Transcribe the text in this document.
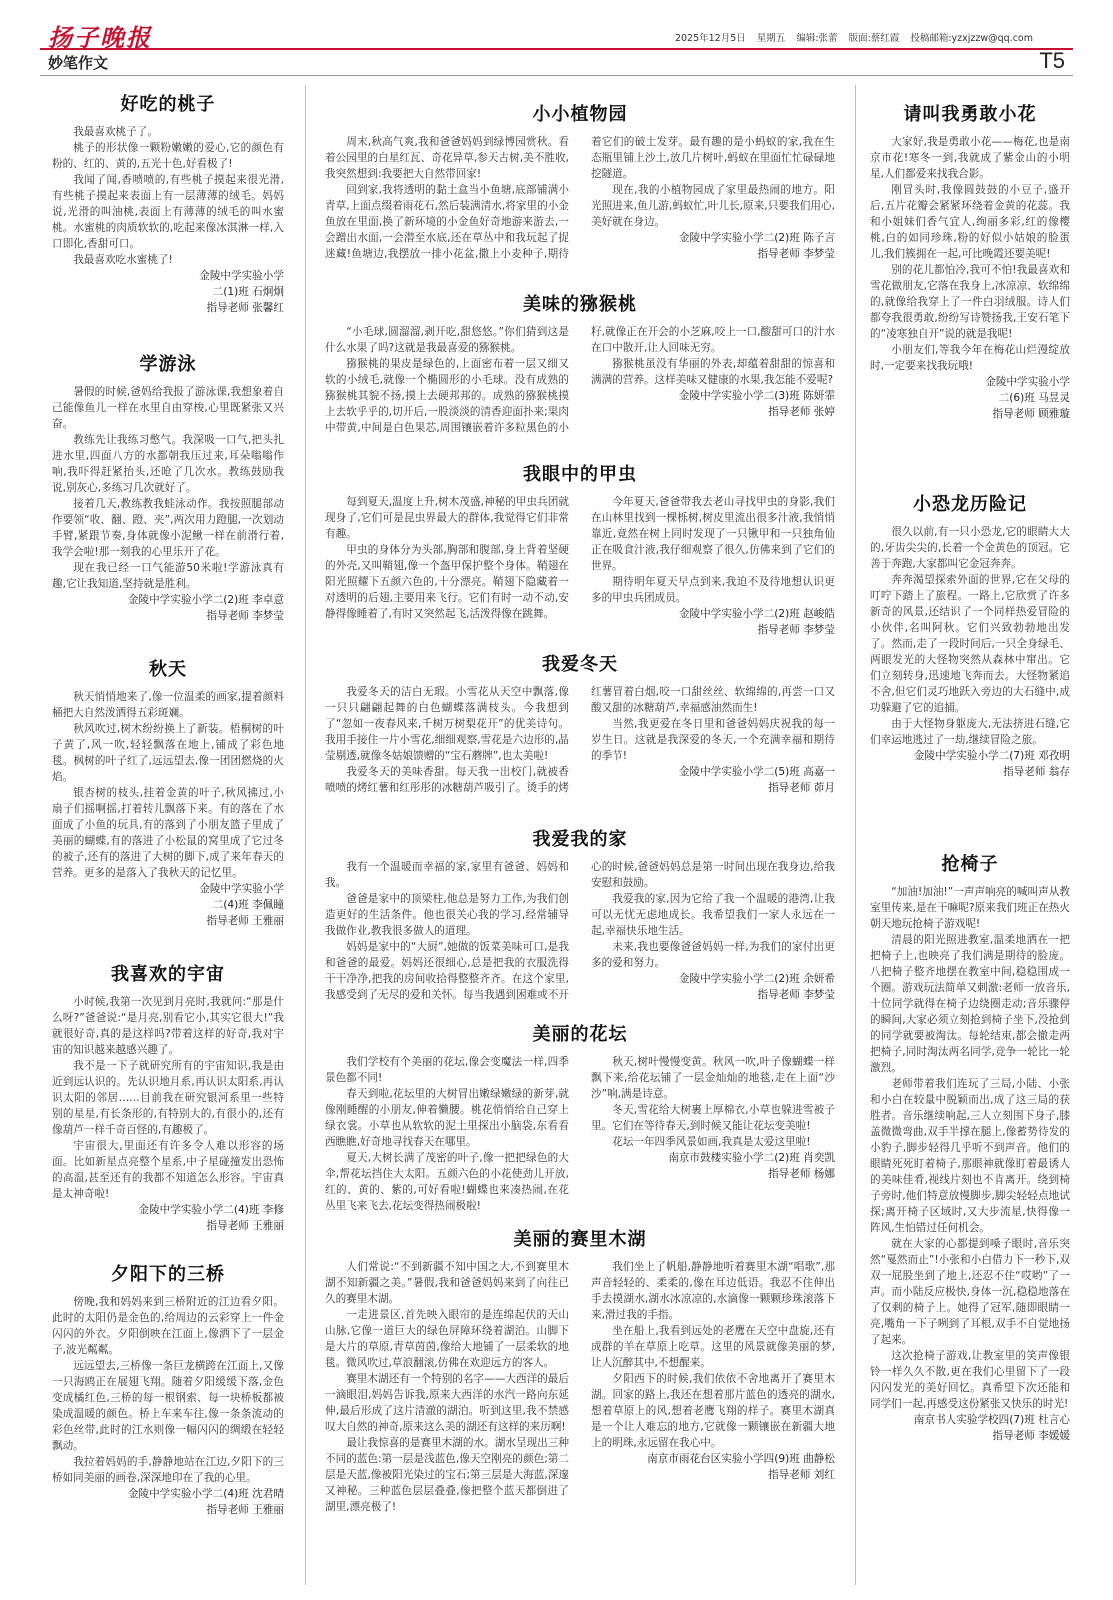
扬子晚报	2025年12月5日 星期五 编辑:张蕾 版面:蔡红霞 投稿邮箱:yzxjzzw@qq.com
妙笔作文	T5
好吃的桃子

我最喜欢桃子了。

桃子的形状像一颗粉嫩嫩的爱心,它的颜色有粉的、红的、黄的,五光十色,好看极了!

我闻了闻,香喷喷的,有些桃子摸起来很光滑,有些桃子摸起来表面上有一层薄薄的绒毛。妈妈说,光滑的叫油桃,表面上有薄薄的绒毛的叫水蜜桃。水蜜桃的肉质软软的,吃起来像冰淇淋一样,入口即化,香甜可口。

我最喜欢吃水蜜桃了!

金陵中学实验小学
二(1)班 石炯炯
指导老师 张馨红
学游泳

暑假的时候,爸妈给我报了游泳课,我想象着自己能像鱼儿一样在水里自由穿梭,心里既紧张又兴奋。

教练先让我练习憋气。我深吸一口气,把头扎进水里,四面八方的水都朝我压过来,耳朵嗡嗡作响,我吓得赶紧抬头,还呛了几次水。教练鼓励我说,别灰心,多练习几次就好了。

接着几天,教练教我蛙泳动作。我按照腿部动作要领“收、翻、蹬、夹”,两次用力蹬腿,一次划动手臂,紧跟节奏,身体就像小泥鳅一样在前滑行着,我学会啦!那一刻我的心里乐开了花。

现在我已经一口气能游50米啦!学游泳真有趣,它让我知道,坚持就是胜利。

金陵中学实验小学二(2)班 李卓意
指导老师 李梦莹
秋天

秋天悄悄地来了,像一位温柔的画家,提着颜料桶把大自然泼洒得五彩斑斓。

秋风吹过,树木纷纷换上了新装。梧桐树的叶子黄了,风一吹,轻轻飘落在地上,铺成了彩色地毯。枫树的叶子红了,远远望去,像一团团燃烧的火焰。

银杏树的枝头,挂着金黄的叶子,秋风拂过,小扇子们摇啊摇,打着转儿飘落下来。有的落在了水面成了小鱼的玩具,有的落到了小朋友篮子里成了美丽的蝴蝶,有的落进了小松鼠的窝里成了它过冬的被子,还有的落进了大树的脚下,成了来年春天的营养。更多的是落入了我秋天的记忆里。

金陵中学实验小学
二(4)班 李佩瞳
指导老师 王雅丽
我喜欢的宇宙

小时候,我第一次见到月亮时,我就问:“那是什么呀?”爸爸说:“是月亮,别看它小,其实它很大!”我就很好奇,真的是这样吗?带着这样的好奇,我对宇宙的知识越来越感兴趣了。

我不是一下子就研究所有的宇宙知识,我是由近到远认识的。先认识地月系,再认识太阳系,再认识太阳的邻居……目前我在研究银河系里一些特别的星星,有长条形的,有特别大的,有很小的,还有像葫芦一样千奇百怪的,有趣极了。

宇宙很大,里面还有许多令人难以形容的场面。比如新星点亮整个星系,中子星碰撞发出恐怖的高温,甚至还有的我都不知道怎么形容。宇宙真是太神奇啦!

金陵中学实验小学二(4)班 李修
指导老师 王雅丽
夕阳下的三桥

傍晚,我和妈妈来到三桥附近的江边看夕阳。此时的太阳仍是金色的,给周边的云彩穿上一件金闪闪的外衣。夕阳倒映在江面上,像洒下了一层金子,波光粼粼。

远远望去,三桥像一条巨龙横跨在江面上,又像一只海鸥正在展翅飞翔。随着夕阳缓缓下落,金色变成橘红色,三桥的每一根钢索、每一块桥板都被染成温暖的颜色。桥上车来车往,像一条条流动的彩色丝带,此时的江水则像一幅闪闪的绸缎在轻轻飘动。

我拉着妈妈的手,静静地站在江边,夕阳下的三桥如同美丽的画卷,深深地印在了我的心里。

金陵中学实验小学二(4)班 沈君晴
指导老师 王雅丽
小小植物园

周末,秋高气爽,我和爸爸妈妈到绿博园赏秋。看着公园里的白星红瓦、奇花异草,参天古树,美不胜收,我突然想到:我要把大自然带回家!

回到家,我将透明的黏土盒当小鱼塘,底部铺满小青草,上面点缀着雨花石,然后装满清水,将家里的小金鱼放在里面,换了新环境的小金鱼好奇地游来游去,一会蹭出水面,一会潜至水底,还在草丛中和我玩起了捉迷藏!鱼塘边,我摆放一排小花盆,撒上小麦种子,期待着它们的破土发芽。最有趣的是小蚂蚁的家,我在生态瓶里铺上沙土,放几片树叶,蚂蚁在里面忙忙碌碌地挖隧道。

现在,我的小植物园成了家里最热闹的地方。阳光照进来,鱼儿游,蚂蚁忙,叶儿长,原来,只要我们用心,美好就在身边。

金陵中学实验小学二(2)班 陈子言
指导老师 李梦莹
美味的猕猴桃

“小毛球,圆溜溜,剥开吃,甜悠悠。”你们猜到这是什么水果了吗?这就是我最喜爱的猕猴桃。

猕猴桃的果皮是绿色的,上面密布着一层又细又软的小绒毛,就像一个椭圆形的小毛球。没有成熟的猕猴桃其貌不扬,摸上去硬邦邦的。成熟的猕猴桃摸上去软乎乎的,切开后,一股淡淡的清香迎面扑来;果肉中带黄,中间是白色果芯,周围镶嵌着许多粒黑色的小籽,就像正在开会的小芝麻,咬上一口,酸甜可口的汁水在口中散开,让人回味无穷。

猕猴桃虽没有华丽的外表,却蕴着甜甜的惊喜和满满的营养。这样美味又健康的水果,我怎能不爱呢?

金陵中学实验小学二(3)班 陈妍霏
指导老师 张婷
我眼中的甲虫

每到夏天,温度上升,树木茂盛,神秘的甲虫兵团就现身了,它们可是昆虫界最大的群体,我觉得它们非常有趣。

甲虫的身体分为头部,胸部和腹部,身上背着坚硬的外壳,又叫鞘翅,像一个盔甲保护整个身体。鞘翅在阳光照耀下五颜六色的,十分漂亮。鞘翅下隐藏着一对透明的后翅,主要用来飞行。它们有时一动不动,安静得像睡着了,有时又突然起飞,活泼得像在跳舞。

今年夏天,爸爸带我去老山寻找甲虫的身影,我们在山林里找到一棵栎树,树皮里流出很多汁液,我悄悄靠近,竟然在树上同时发现了一只锹甲和一只独角仙正在吸食汁液,我仔细观察了很久,仿佛来到了它们的世界。

期待明年夏天早点到来,我迫不及待地想认识更多的甲虫兵团成员。

金陵中学实验小学二(2)班 赵峻皓
指导老师 李梦莹
我爱冬天

我爱冬天的洁白无瑕。小雪花从天空中飘落,像一只只翩翩起舞的白色蝴蝶落满枝头。今我想到了“忽如一夜春风来,千树万树梨花开”的优美诗句。我用手接住一片小雪花,细细观察,雪花是六边形的,晶莹剔透,就像冬姑娘馈赠的“宝石蘑牌”,也太美啦!

我爱冬天的美味香甜。每天我一出校门,就被香喷喷的烤红薯和红彤彤的冰糖葫芦吸引了。烫手的烤红薯冒着白烟,咬一口甜丝丝、软绵绵的,再尝一口又酸又甜的冰糖葫芦,幸福感油然而生!

当然,我更爱在冬日里和爸爸妈妈庆祝我的每一岁生日。这就是我深爱的冬天,一个充满幸福和期待的季节!

金陵中学实验小学二(5)班 高嘉一
指导老师 茆月
我爱我的家

我有一个温暖而幸福的家,家里有爸爸、妈妈和我。

爸爸是家中的顶梁柱,他总是努力工作,为我们创造更好的生活条件。他也很关心我的学习,经常辅导我做作业,教我很多做人的道理。

妈妈是家中的“大厨”,她做的饭菜美味可口,是我和爸爸的最爱。妈妈还很细心,总是把我的衣服洗得干干净净,把我的房间收拾得整整齐齐。在这个家里,我感受到了无尽的爱和关怀。每当我遇到困难或不开心的时候,爸爸妈妈总是第一时间出现在我身边,给我安慰和鼓励。

我爱我的家,因为它给了我一个温暖的港湾,让我可以无忧无虑地成长。我希望我们一家人永远在一起,幸福快乐地生活。

未来,我也要像爸爸妈妈一样,为我们的家付出更多的爱和努力。

金陵中学实验小学二(2)班 余妍希
指导老师 李梦莹
美丽的花坛

我们学校有个美丽的花坛,像会变魔法一样,四季景色都不同!

春天到啦,花坛里的大树冒出嫩绿嫩绿的新芽,就像刚睡醒的小朋友,伸着懒腰。桃花悄悄给自己穿上绿衣裳。小草也从软软的泥土里探出小脑袋,东看看西瞧瞧,好奇地寻找春天在哪里。

夏天,大树长满了茂密的叶子,像一把把绿色的大伞,帮花坛挡住大太阳。五颜六色的小花使劲儿开放,红的、黄的、紫的,可好看啦!蝴蝶也来凑热闹,在花丛里飞来飞去,花坛变得热闹极啦!

秋天,树叶慢慢变黄。秋风一吹,叶子像蝴蝶一样飘下来,给花坛铺了一层金灿灿的地毯,走在上面“沙沙”响,满是诗意。

冬天,雪花给大树裹上厚棉衣,小草也躲进雪被子里。它们在等待春天,到时候又能让花坛变美啦!

花坛一年四季风景如画,我真是太爱这里啦!

南京市鼓楼实验小学二(2)班 肖奕凯
指导老师 杨娜
美丽的赛里木湖

人们常说:“不到新疆不知中国之大,不到赛里木湖不知新疆之美。”暑假,我和爸爸妈妈来到了向往已久的赛里木湖。

一走进景区,首先映入眼帘的是连绵起伏的天山山脉,它像一道巨大的绿色屏障环绕着湖泊。山脚下是大片的草原,青草茵茵,像给大地铺了一层柔软的地毯。微风吹过,草浪翻滚,仿佛在欢迎远方的客人。

赛里木湖还有一个特别的名字——大西洋的最后一滴眼泪,妈妈告诉我,原来大西洋的水汽一路向东延伸,最后形成了这片清澈的湖泊。听到这里,我不禁感叹大自然的神奇,原来这么美的湖还有这样的来历啊!

最让我惊喜的是赛里木湖的水。湖水呈现出三种不同的蓝色:第一层是浅蓝色,像天空刚亮的颜色;第二层是天蓝,像被阳光染过的宝石;第三层是大海蓝,深邃又神秘。三种蓝色层层叠叠,像把整个蓝天都倒进了湖里,漂亮极了!

我们坐上了帆船,静静地听着赛里木湖“唱歌”,那声音轻轻的、柔柔的,像在耳边低语。我忍不住伸出手去摸湖水,湖水冰凉凉的,水滴像一颗颗珍珠滚落下来,滑过我的手指。

坐在船上,我看到远处的老鹰在天空中盘旋,还有成群的羊在草原上吃草。这里的风景就像美丽的梦,让人沉醉其中,不想醒来。

夕阳西下的时候,我们依依不舍地离开了赛里木湖。回家的路上,我还在想着那片蓝色的透亮的湖水,想着草原上的风,想着老鹰飞翔的样子。赛里木湖真是一个让人难忘的地方,它就像一颗镶嵌在新疆大地上的明珠,永远留在我心中。

南京市雨花台区实验小学四(9)班 曲静松
指导老师 刘红
请叫我勇敢小花

大家好,我是勇敢小花——梅花,也是南京市花!寒冬一到,我就成了紫金山的小明星,人们都爱来找我合影。

刚冒头时,我像圆鼓鼓的小豆子,盛开后,五片花瓣会紧紧环绕着金黄的花蕊。我和小姐妹们香气宜人,绚丽多彩,红的像樱桃,白的如同珍珠,粉的好似小姑娘的脸蛋儿,我们簇拥在一起,可比晚霞还要美呢!

别的花儿都怕冷,我可不怕!我最喜欢和雪花做朋友,它落在我身上,冰凉凉、软绵绵的,就像给我穿上了一件白羽绒服。诗人们都夸我很勇敢,纷纷写诗赞扬我,王安石笔下的“凌寒独自开”说的就是我呢!

小朋友们,等我今年在梅花山烂漫绽放时,一定要来找我玩哦!

金陵中学实验小学
二(6)班 马昱灵
指导老师 顾雅璇
小恐龙历险记

很久以前,有一只小恐龙,它的眼睛大大的,牙齿尖尖的,长着一个金黄色的顶冠。它善于奔跑,大家都叫它金冠奔奔。

奔奔渴望探索外面的世界,它在父母的叮咛下踏上了旅程。一路上,它欣赏了许多新奇的风景,还结识了一个同样热爱冒险的小伙伴,名叫阿秋。它们兴致勃勃地出发了。然而,走了一段时间后,一只全身绿毛、两眼发光的大怪物突然从森林中窜出。它们立刻转身,迅速地飞奔而去。大怪物紧追不舍,但它们灵巧地跃入旁边的大石缝中,成功躲避了它的追捕。

由于大怪物身躯庞大,无法挤进石缝,它们幸运地逃过了一劫,继续冒险之旅。

金陵中学实验小学二(7)班 邓孜明
指导老师 翁存
抢椅子

“加油!加油!”一声声响亮的喊叫声从教室里传来,是在干嘛呢?原来我们班正在热火朝天地玩抢椅子游戏呢!

清晨的阳光照进教室,温柔地洒在一把把椅子上,也映亮了我们满是期待的脸庞。八把椅子整齐地摆在教室中间,稳稳围成一个圈。游戏玩法简单又刺激:老师一放音乐,十位同学就得在椅子边绕圈走动;音乐骤停的瞬间,大家必须立刻抢到椅子坐下,没抢到的同学就要被淘汰。每轮结束,都会撤走两把椅子,同时淘汰两名同学,竞争一轮比一轮激烈。

老师带着我们连玩了三局,小陆、小张和小白在较量中脱颖而出,成了这三局的获胜者。音乐继续响起,三人立刻围下身子,膝盖微微弯曲,双手半撑在腿上,像蓄势待发的小豹子,脚步轻得几乎听不到声音。他们的眼睛死死盯着椅子,那眼神就像盯着最诱人的美味佳肴,视线片刻也不肯离开。绕到椅子旁时,他们特意放慢脚步,脚尖轻轻点地试探;离开椅子区域时,又大步流星,快得像一阵风,生怕错过任何机会。

就在大家的心都提到嗓子眼时,音乐突然“戛然而止”!小张和小白借力下一秒下,双双一屁股坐到了地上,还忍不住“哎哟”了一声。而小陆反应极快,身体一沉,稳稳地落在了仅剩的椅子上。她得了冠军,随即眼睛一亮,嘴角一下子咧到了耳根,双手不自觉地扬了起来。

这次抢椅子游戏,让教室里的笑声像银铃一样久久不散,更在我们心里留下了一段闪闪发光的美好回忆。真希望下次还能和同学们一起,再感受这份紧张又快乐的时光!

南京书人实验学校四(7)班 杜言心
指导老师 李媛媛
